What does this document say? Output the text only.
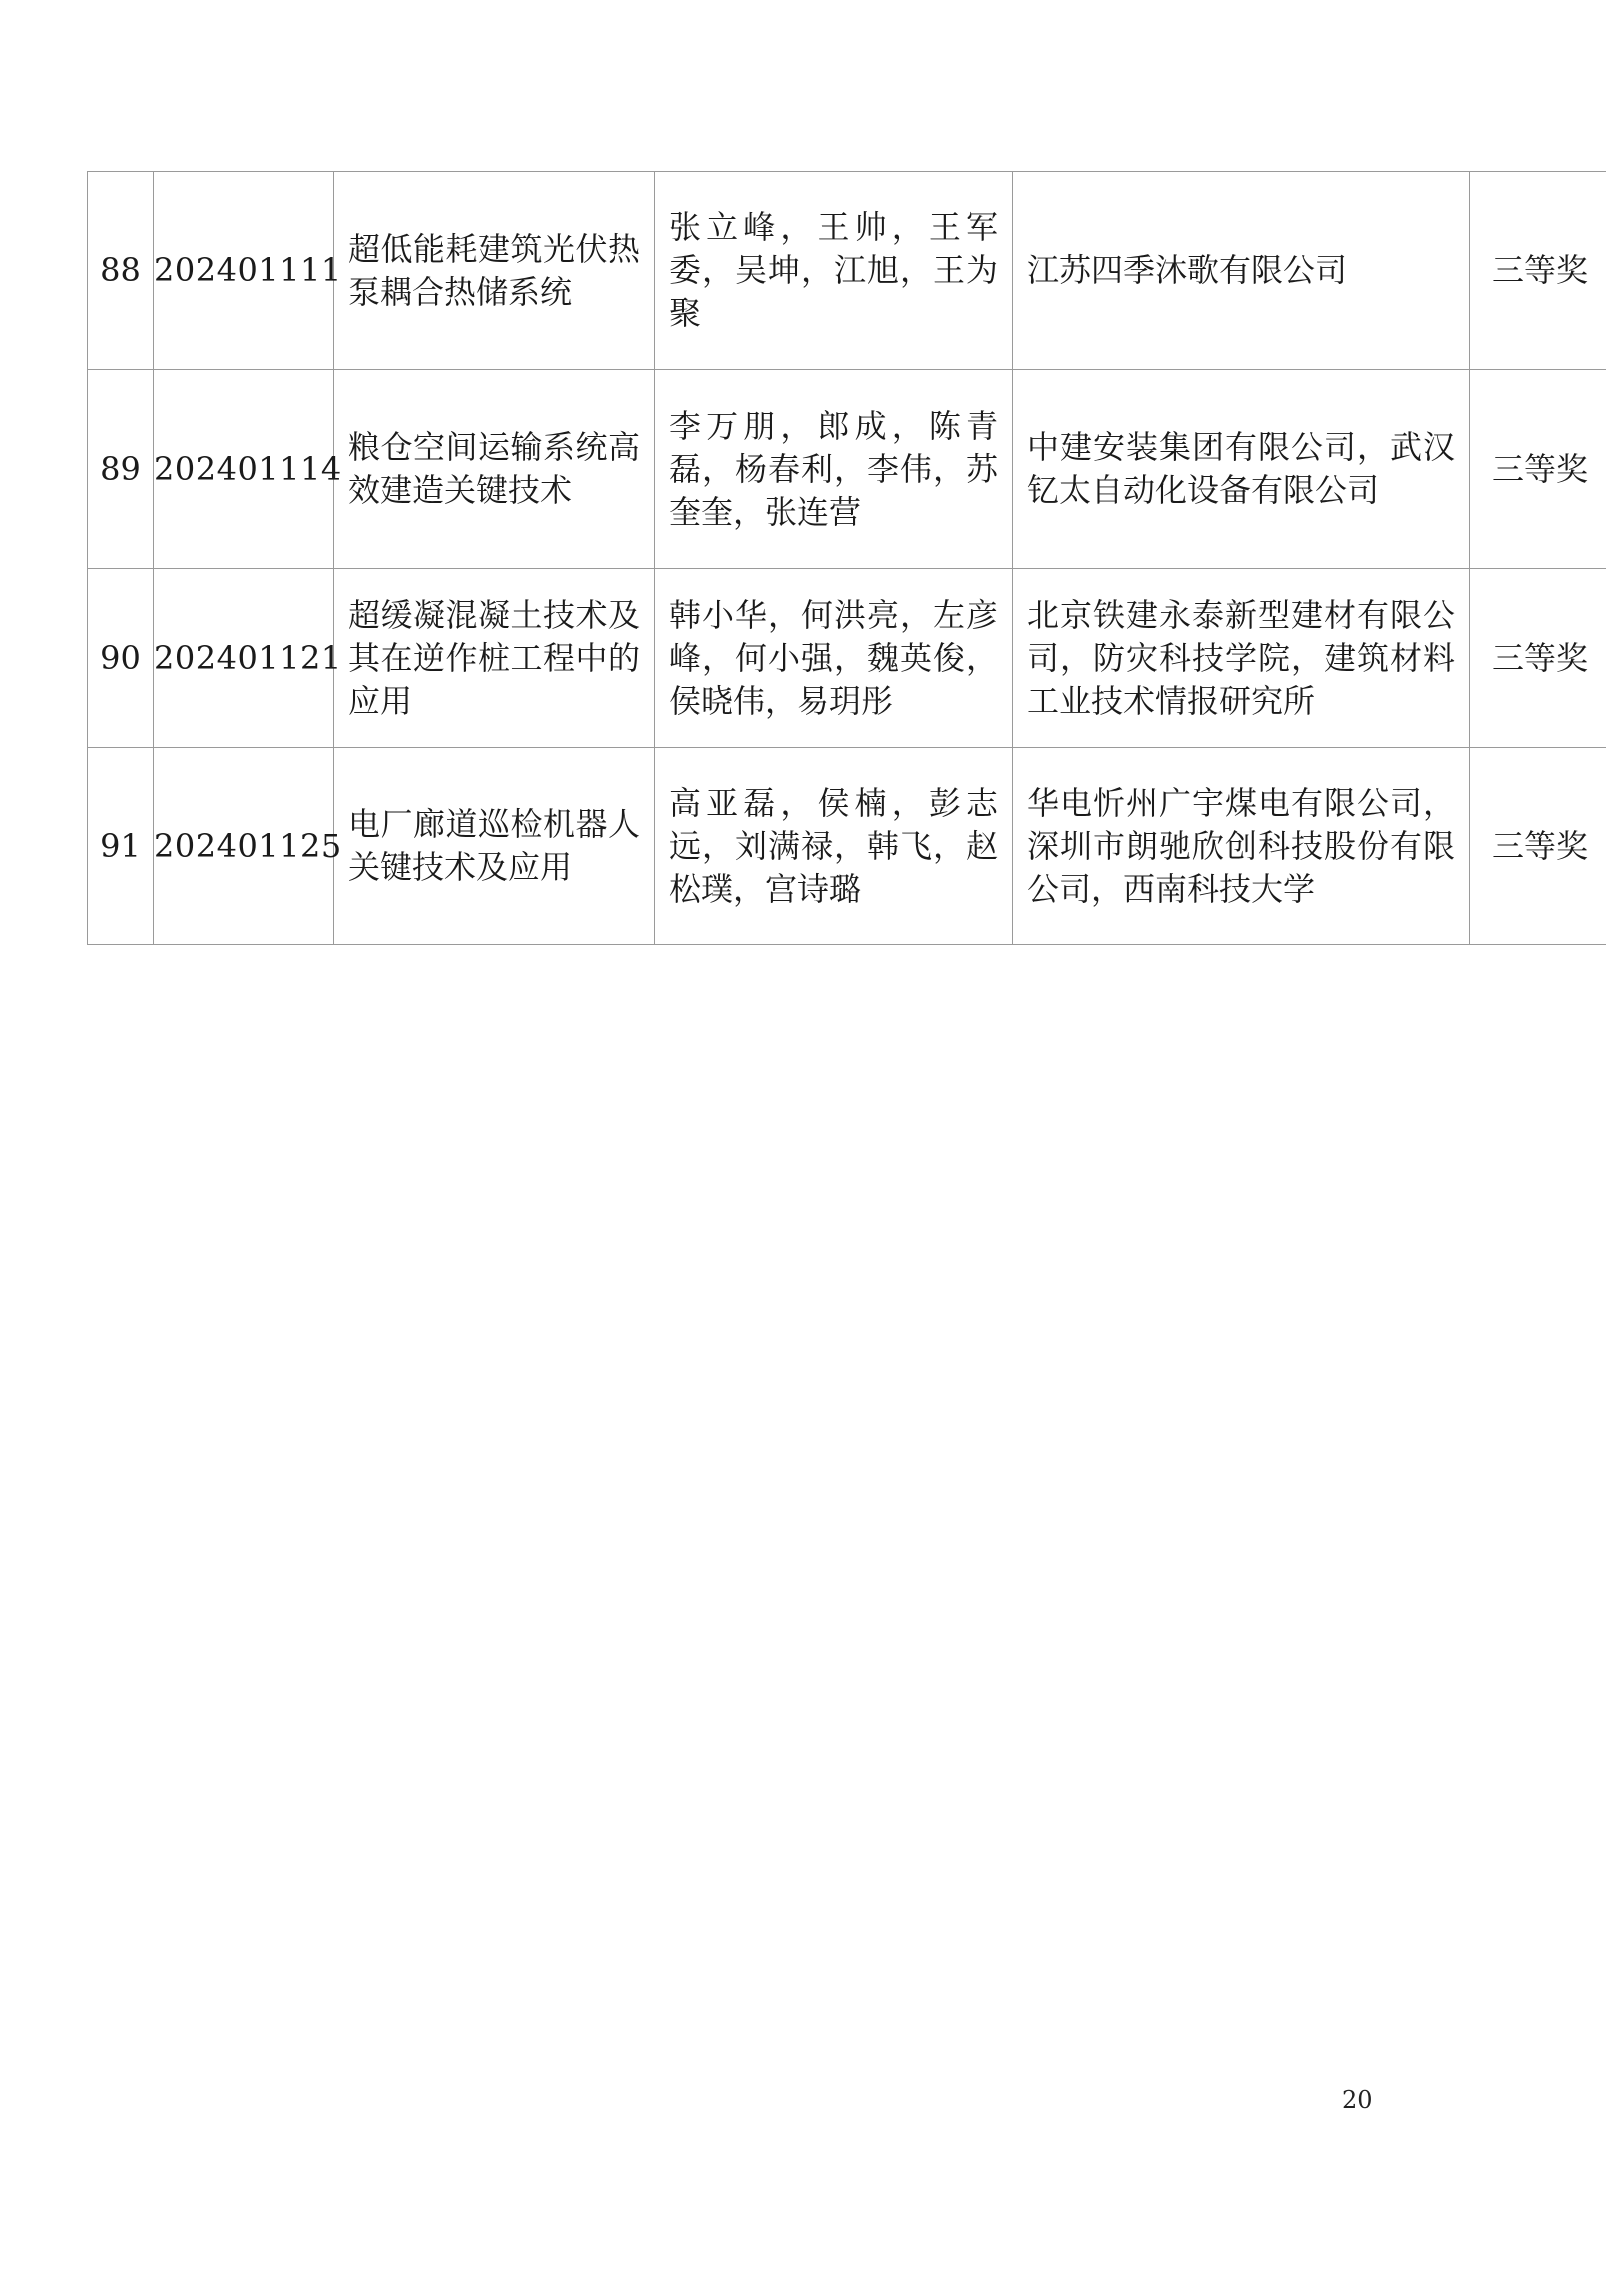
88	202401111	超低能耗建筑光伏热泵耦合热储系统	张立峰，王帅，王军委，吴坤，江旭，王为聚	江苏四季沐歌有限公司	三等奖
89	202401114	粮仓空间运输系统高效建造关键技术	李万朋，郎成，陈青磊，杨春利，李伟，苏奎奎，张连营	中建安装集团有限公司，武汉钇太自动化设备有限公司	三等奖
90	202401121	超缓凝混凝土技术及其在逆作桩工程中的应用	韩小华，何洪亮，左彦峰，何小强，魏英俊，侯晓伟，易玥彤	北京铁建永泰新型建材有限公司，防灾科技学院，建筑材料工业技术情报研究所	三等奖
91	202401125	电厂廊道巡检机器人关键技术及应用	高亚磊，侯楠，彭志远，刘满禄，韩飞，赵松璞，宫诗璐	华电忻州广宇煤电有限公司，深圳市朗驰欣创科技股份有限公司，西南科技大学	三等奖
20
